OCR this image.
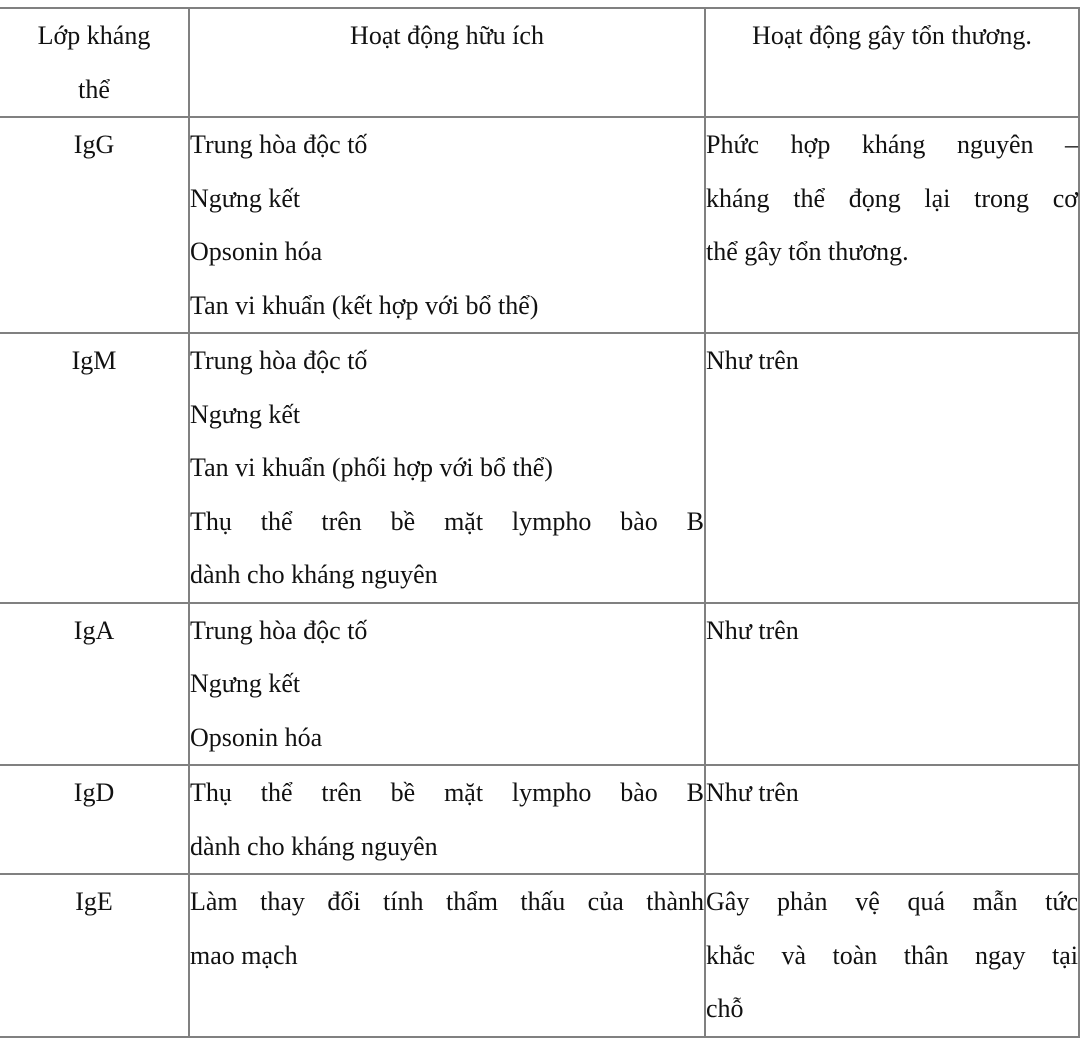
Lớp kháng
thể	Hoạt động hữu ích	Hoạt động gây tổn thương.
IgG	Trung hòa độc tố
Ngưng kết
Opsonin hóa
Tan vi khuẩn (kết hợp với bổ thể)	Phức hợp kháng nguyên –
kháng thể đọng lại trong cơ
thể gây tổn thương.

IgM	Trung hòa độc tố
Ngưng kết
Tan vi khuẩn (phối hợp với bổ thể)
Thụ thể trên bề mặt lympho bào B
dành cho kháng nguyên	Như trên

IgA	Trung hòa độc tố
Ngưng kết
Opsonin hóa	Như trên

IgD	Thụ thể trên bề mặt lympho bào B
dành cho kháng nguyên	Như trên

IgE	Làm thay đổi tính thẩm thấu của thành
mao mạch	Gây phản vệ quá mẫn tức
khắc và toàn thân ngay tại
chỗ
